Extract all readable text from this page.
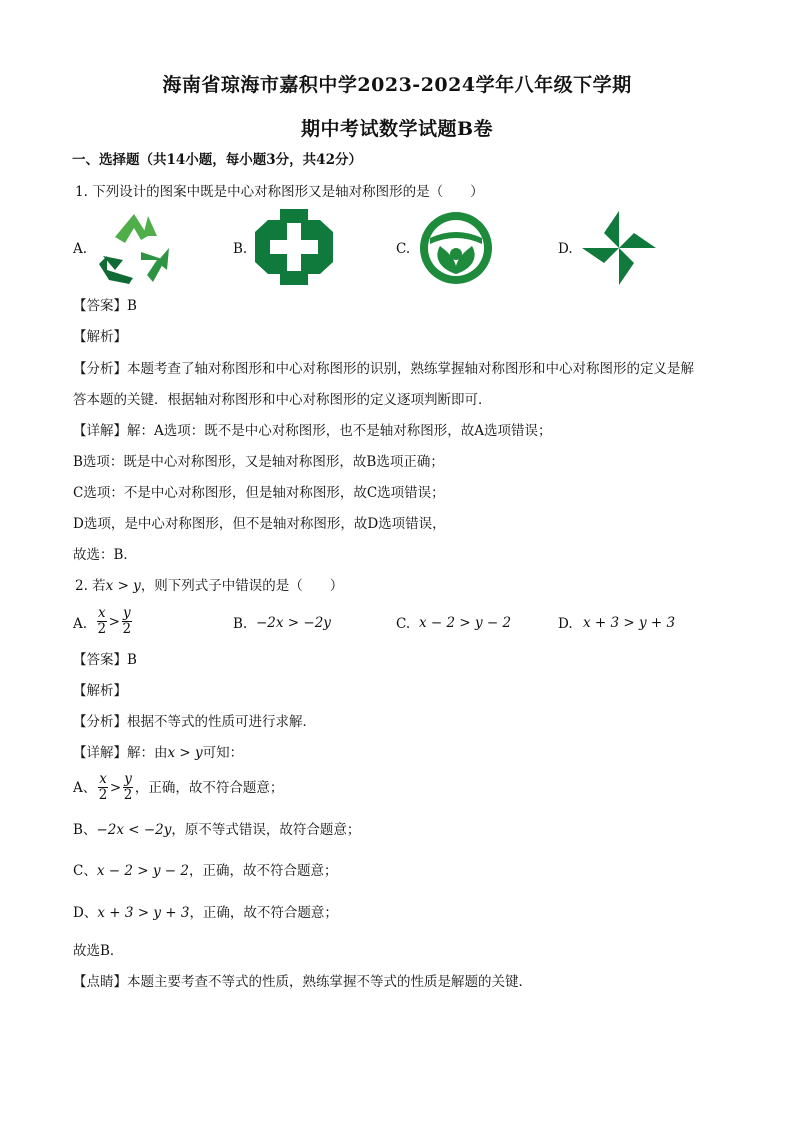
海南省琼海市嘉积中学2023-2024学年八年级下学期
期中考试数学试题B卷
一、选择题（共14小题，每小题3分，共42分）
1. 下列设计的图案中既是中心对称图形又是轴对称图形的是（　　）
A.	B.	C.	D.
【答案】B
【解析】
【分析】本题考查了轴对称图形和中心对称图形的识别，熟练掌握轴对称图形和中心对称图形的定义是解
答本题的关键．根据轴对称图形和中心对称图形的定义逐项判断即可．
【详解】解：A选项：既不是中心对称图形，也不是轴对称图形，故A选项错误；
B选项：既是中心对称图形，又是轴对称图形，故B选项正确；
C选项：不是中心对称图形，但是轴对称图形，故C选项错误；
D选项，是中心对称图形，但不是轴对称图形，故D选项错误，
故选：B．
2. 若x > y，则下列式子中错误的是（　　）
A. $\frac{x}{2} > \frac{y}{2}$	B. −2x > −2y	C. x − 2 > y − 2	D. x + 3 > y + 3
【答案】B
【解析】
【分析】根据不等式的性质可进行求解．
【详解】解：由x > y可知：
A、 $\frac{x}{2} > \frac{y}{2}$ ，正确，故不符合题意；
B、−2x < −2y，原不等式错误，故符合题意；
C、x − 2 > y − 2，正确，故不符合题意；
D、x + 3 > y + 3，正确，故不符合题意；
故选B．
【点睛】本题主要考查不等式的性质，熟练掌握不等式的性质是解题的关键．
